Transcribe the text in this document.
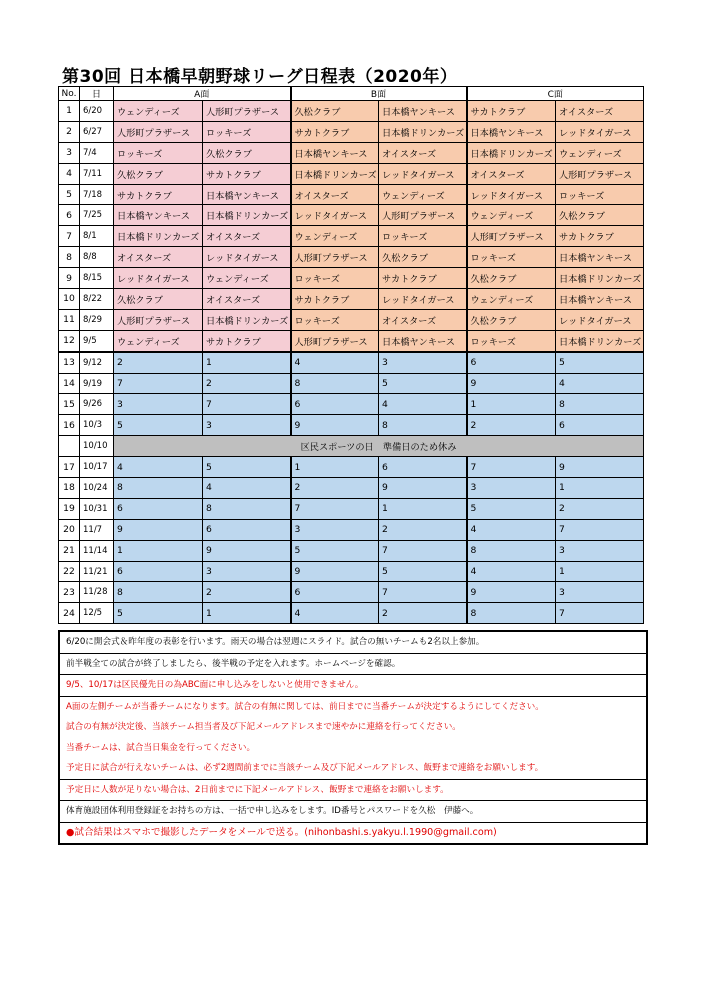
第30回 日本橋早朝野球リーグ日程表（2020年）
No.	日	A面		B面		C面	
1	6/20	ウェンディーズ	人形町プラザース	久松クラブ	日本橋ヤンキース	サカトクラブ	オイスターズ
2	6/27	人形町プラザース	ロッキーズ	サカトクラブ	日本橋ドリンカーズ	日本橋ヤンキース	レッドタイガース
3	7/4	ロッキーズ	久松クラブ	日本橋ヤンキース	オイスターズ	日本橋ドリンカーズ	ウェンディーズ
4	7/11	久松クラブ	サカトクラブ	日本橋ドリンカーズ	レッドタイガース	オイスターズ	人形町プラザース
5	7/18	サカトクラブ	日本橋ヤンキース	オイスターズ	ウェンディーズ	レッドタイガース	ロッキーズ
6	7/25	日本橋ヤンキース	日本橋ドリンカーズ	レッドタイガース	人形町プラザース	ウェンディーズ	久松クラブ
7	8/1	日本橋ドリンカーズ	オイスターズ	ウェンディーズ	ロッキーズ	人形町プラザース	サカトクラブ
8	8/8	オイスターズ	レッドタイガース	人形町プラザース	久松クラブ	ロッキーズ	日本橋ヤンキース
9	8/15	レッドタイガース	ウェンディーズ	ロッキーズ	サカトクラブ	久松クラブ	日本橋ドリンカーズ
10	8/22	久松クラブ	オイスターズ	サカトクラブ	レッドタイガース	ウェンディーズ	日本橋ヤンキース
11	8/29	人形町プラザース	日本橋ドリンカーズ	ロッキーズ	オイスターズ	久松クラブ	レッドタイガース
12	9/5	ウェンディーズ	サカトクラブ	人形町プラザース	日本橋ヤンキース	ロッキーズ	日本橋ドリンカーズ
13	9/12	2	1	4	3	6	5
14	9/19	7	2	8	5	9	4
15	9/26	3	7	6	4	1	8
16	10/3	5	3	9	8	2	6
	10/10	区民スポーツの日　準備日のため休み					
17	10/17	4	5	1	6	7	9
18	10/24	8	4	2	9	3	1
19	10/31	6	8	7	1	5	2
20	11/7	9	6	3	2	4	7
21	11/14	1	9	5	7	8	3
22	11/21	6	3	9	5	4	1
23	11/28	8	2	6	7	9	3
24	12/5	5	1	4	2	8	7
6/20に開会式＆昨年度の表彰を行います。雨天の場合は翌週にスライド。試合の無いチームも2名以上参加。
前半戦全ての試合が終了しましたら、後半戦の予定を入れます。ホームページを確認。
9/5、10/17は区民優先日の為ABC面に申し込みをしないと使用できません。
A面の左側チームが当番チームになります。試合の有無に関しては、前日までに当番チームが決定するようにしてください。
試合の有無が決定後、当該チーム担当者及び下記メールアドレスまで速やかに連絡を行ってください。
当番チームは、試合当日集金を行ってください。
予定日に試合が行えないチームは、必ず2週間前までに当該チーム及び下記メールアドレス、飯野まで連絡をお願いします。
予定日に人数が足りない場合は、2日前までに下記メールアドレス、飯野まで連絡をお願いします。
体育施設団体利用登録証をお持ちの方は、一括で申し込みをします。ID番号とパスワードを久松　伊藤へ。
●試合結果はスマホで撮影したデータをメールで送る。(nihonbashi.s.yakyu.l.1990@gmail.com)
